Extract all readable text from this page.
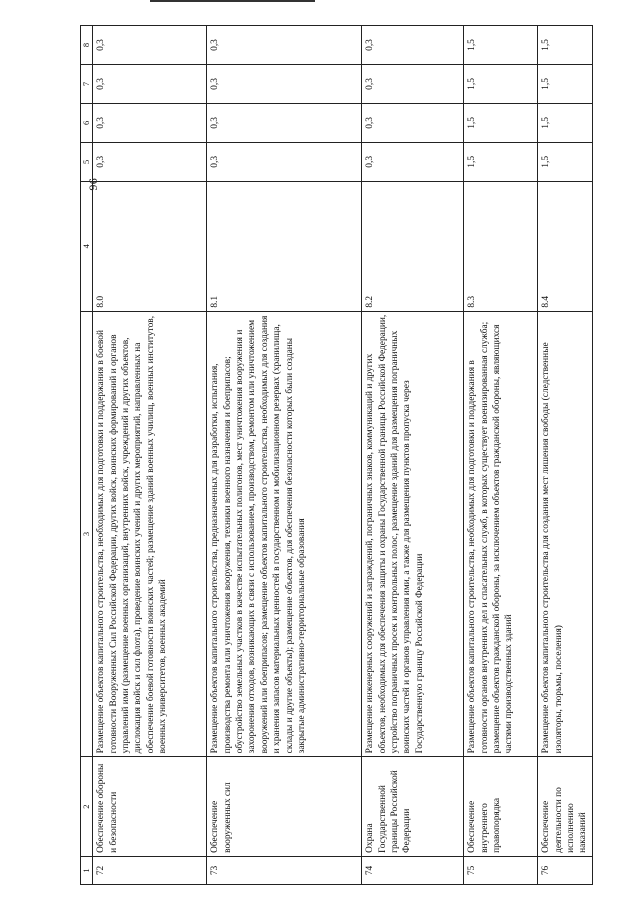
96
1	2	3	4	5	6	7	8
72	Обеспечение обороны и безопасности	Размещение объектов капитального строительства, необходимых для подготовки и поддержания в боевой готовности Вооруженных Сил Российской Федерации, других войск, воинских формирований и органов управлений ими (размещение военных организаций, внутренних войск, учреждений и других объектов, дислокация войск и сил флота), проведение воинских учений и других мероприятий, направленных на обеспечение боевой готовности воинских частей; размещение зданий военных училищ, военных институтов, военных университетов, военных академий	8.0	0,3	0,3	0,3	0,3
73	Обеспечение вооруженных сил	Размещение объектов капитального строительства, предназначенных для разработки, испытания, производства ремонта или уничтожения вооружения, техники военного назначения и боеприпасов; обустройство земельных участков в качестве испытательных полигонов, мест уничтожения вооружения и захоронения отходов, возникающих в связи с использованием, производством, ремонтом или уничтожением вооружений или боеприпасов; размещение объектов капитального строительства, необходимых для создания и хранения запасов материальных ценностей в государственном и мобилизационном резервах (хранилища, склады и другие объекты); размещение объектов, для обеспечения безопасности которых были созданы закрытые административно-территориальные образования	8.1	0,3	0,3	0,3	0,3
74	Охрана Государственной границы Российской Федерации	Размещение инженерных сооружений и заграждений, пограничных знаков, коммуникаций и других объектов, необходимых для обеспечения защиты и охраны Государственной границы Российской Федерации, устройство пограничных просек и контрольных полос, размещение зданий для размещения пограничных воинских частей и органов управления ими, а также для размещения пунктов пропуска через Государственную границу Российской Федерации	8.2	0,3	0,3	0,3	0,3
75	Обеспечение внутреннего правопорядка	Размещение объектов капитального строительства, необходимых для подготовки и поддержания в готовности органов внутренних дел и спасательных служб, в которых существует военизированная служба; размещение объектов гражданской обороны, за исключением объектов гражданской обороны, являющихся частями производственных зданий	8.3	1,5	1,5	1,5	1,5
76	Обеспечение деятельности по исполнению наказаний	Размещение объектов капитального строительства для создания мест лишения свободы (следственные изоляторы, тюрьмы, поселения)	8.4	1,5	1,5	1,5	1,5
